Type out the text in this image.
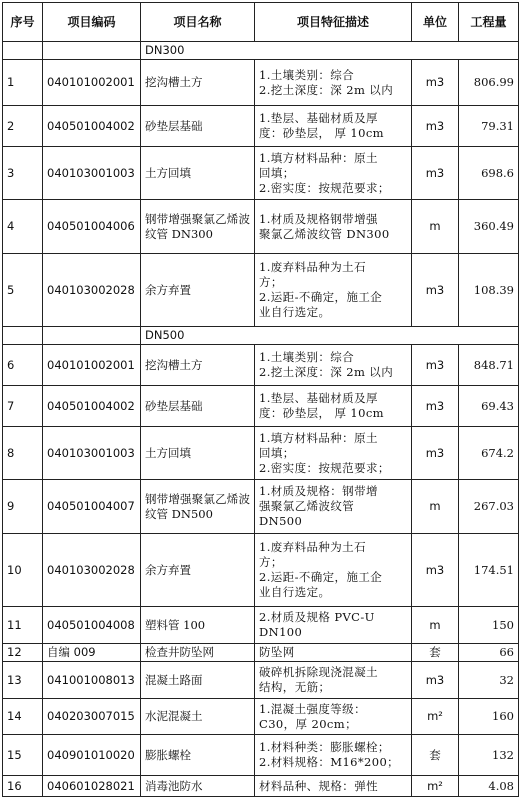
序号	项目编码	项目名称	项目特征描述	单位	工程量
		DN300			
1	040101002001	挖沟槽土方	1.土壤类别：综合
2.挖土深度：深 2m 以内	m3	806.99
2	040501004002	砂垫层基础	1.垫层、基础材质及厚
度：砂垫层， 厚 10cm	m3	79.31
3	040103001003	土方回填	1.填方材料品种：原土
回填；
2.密实度：按规范要求；	m3	698.6
4	040501004006	钢带增强聚氯乙烯波纹管 DN300	1.材质及规格钢带增强
聚氯乙烯波纹管 DN300	m	360.49
5	040103002028	余方弃置	1.废弃料品种为土石
方；
2.运距-不确定，施工企
业自行选定。	m3	108.39
		DN500			
6	040101002001	挖沟槽土方	1.土壤类别：综合
2.挖土深度：深 2m 以内	m3	848.71
7	040501004002	砂垫层基础	1.垫层、基础材质及厚
度：砂垫层， 厚 10cm	m3	69.43
8	040103001003	土方回填	1.填方材料品种：原土
回填；
2.密实度：按规范要求；	m3	674.2
9	040501004007	钢带增强聚氯乙烯波纹管 DN500	1.材质及规格：钢带增
强聚氯乙烯波纹管
DN500	m	267.03
10	040103002028	余方弃置	1.废弃料品种为土石
方；
2.运距-不确定，施工企
业自行选定。	m3	174.51
11	040501004008	塑料管 100	2.材质及规格 PVC-U
DN100	m	150
12	自编 009	检查井防坠网	防坠网	套	66
13	041001008013	混凝土路面	破碎机拆除现浇混凝土
结构，无筋；	m3	32
14	040203007015	水泥混凝土	1.混凝土强度等级：
C30，厚 20cm；	m²	160
15	040901010020	膨胀螺栓	1.材料种类：膨胀螺栓；
2.材料规格：M16*200；	套	132
16	040601028021	消毒池防水	材料品种、规格：弹性	m²	4.08
